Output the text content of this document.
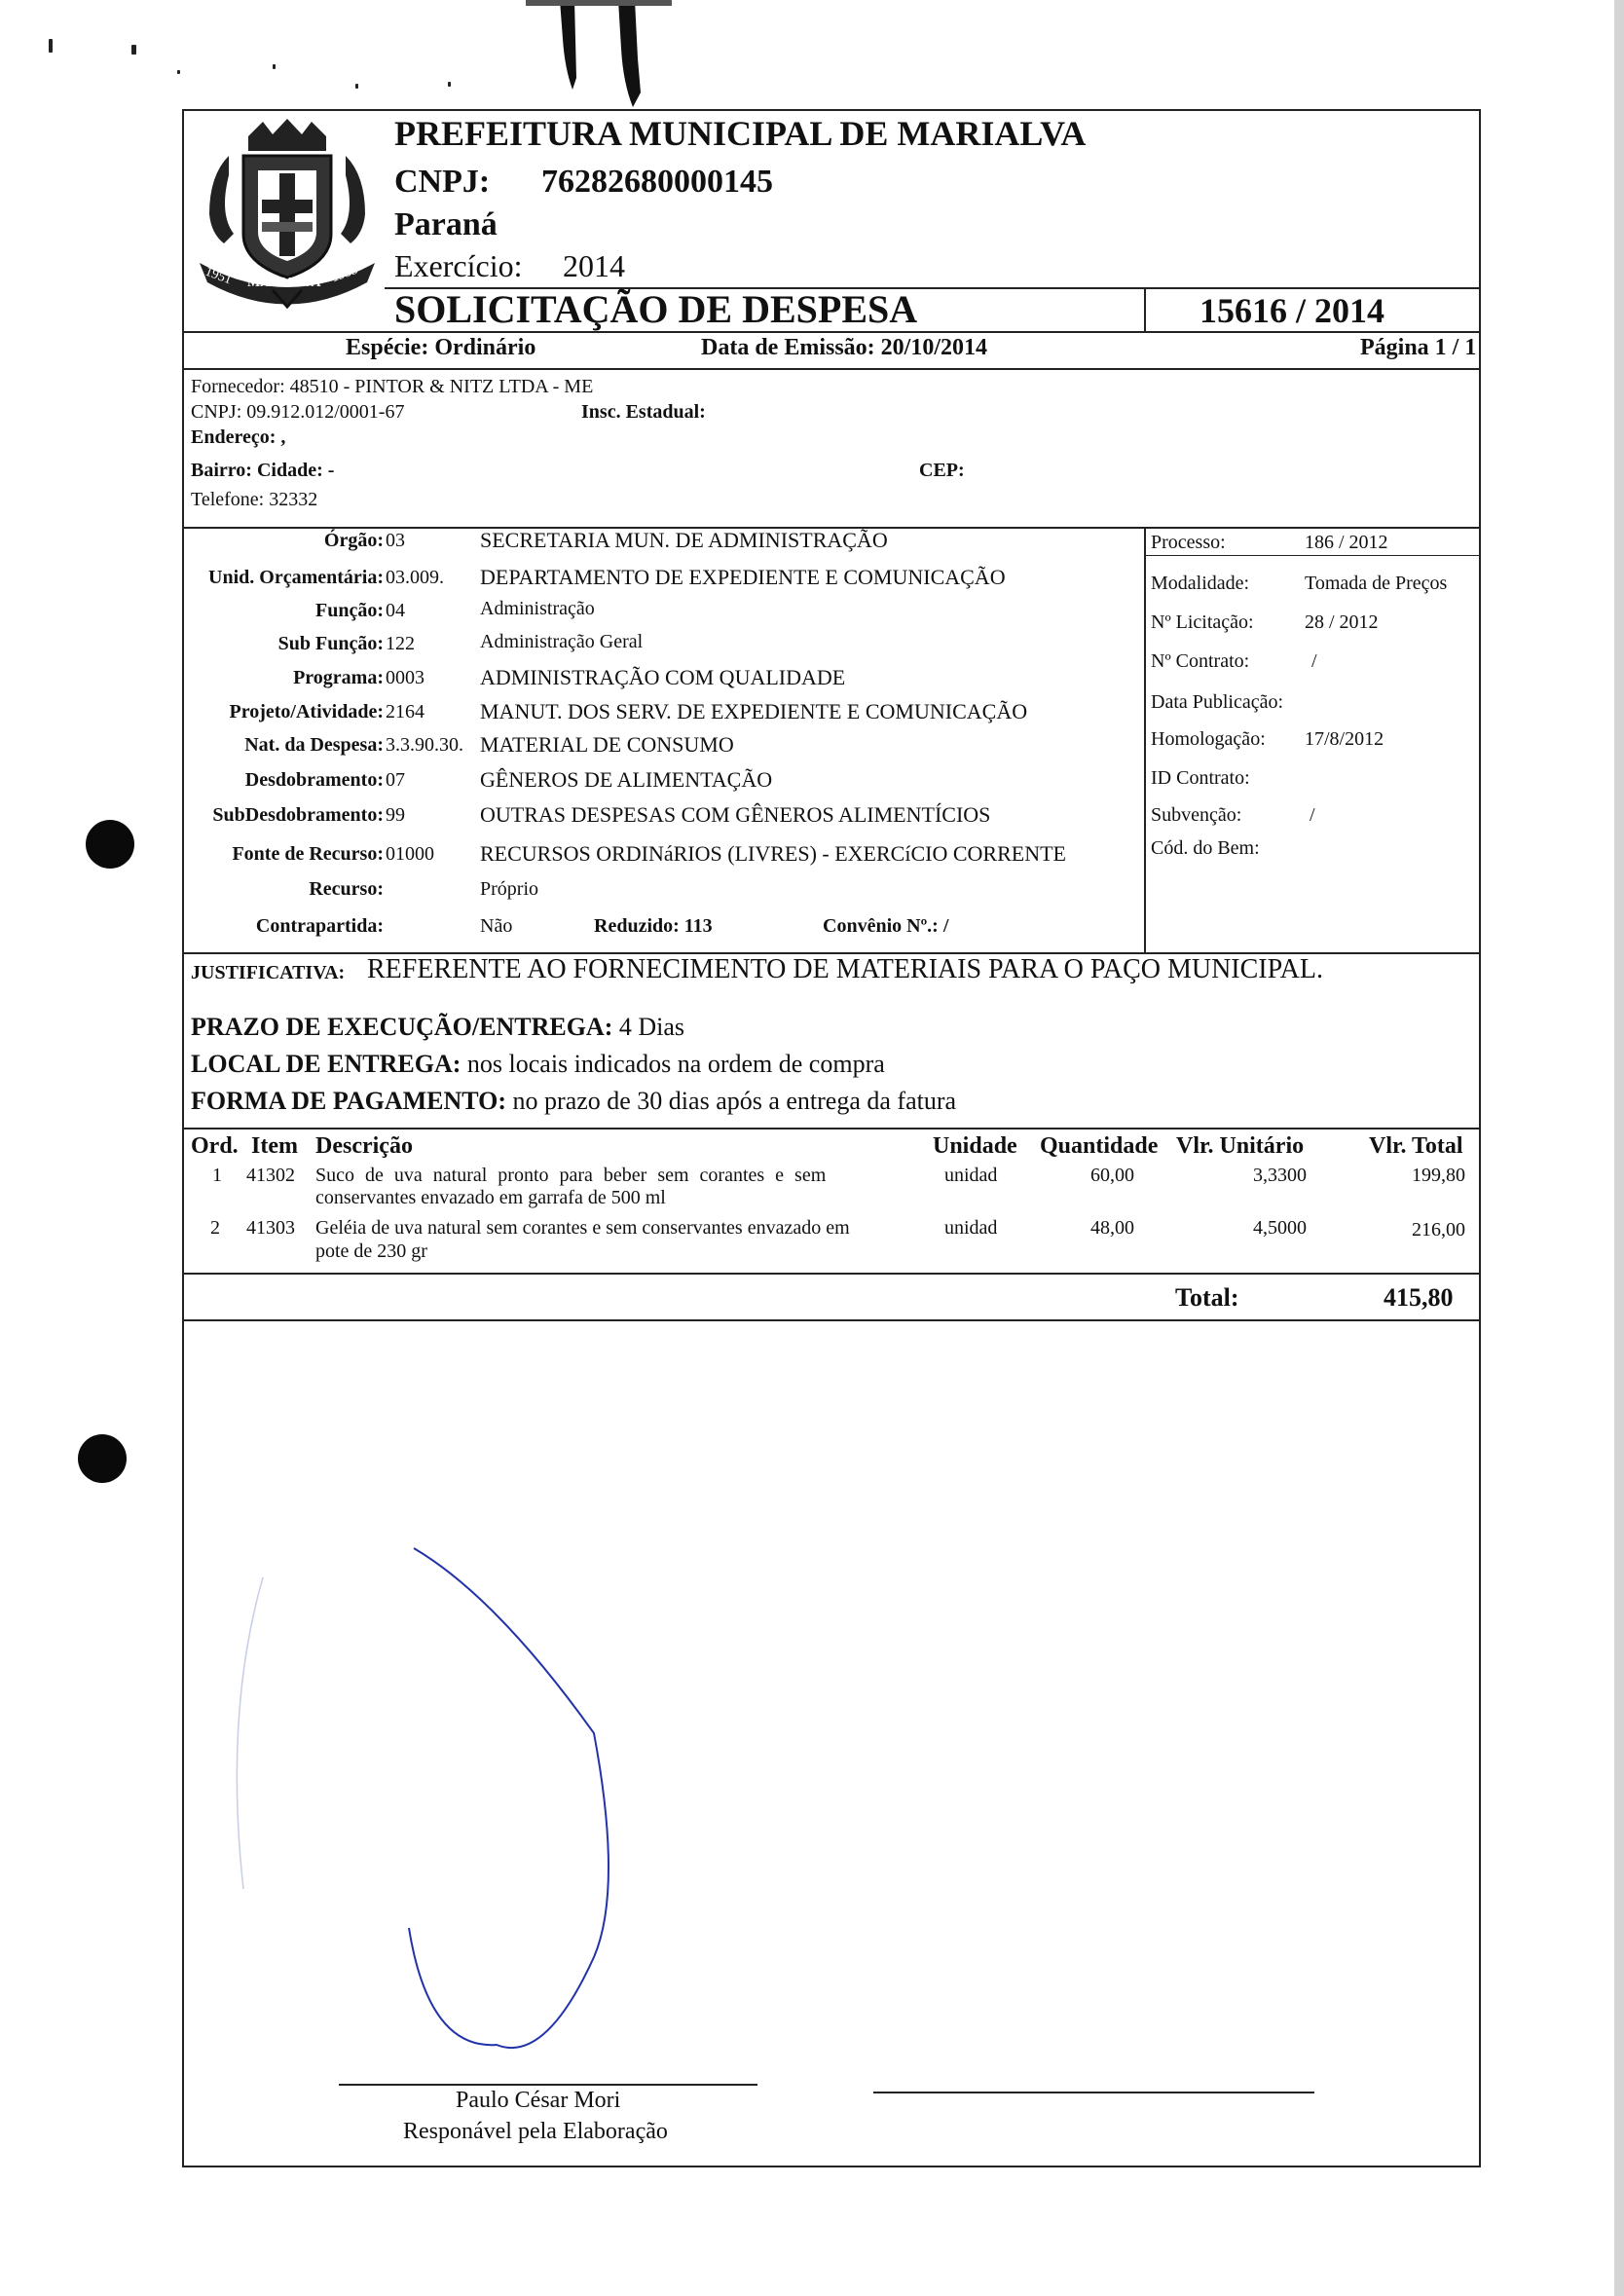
1951 MARIALVA 1953
PREFEITURA MUNICIPAL DE MARIALVA
CNPJ: 76282680000145
Paraná
Exercício: 2014
SOLICITAÇÃO DE DESPESA	15616 / 2014
Espécie: Ordinário	Data de Emissão: 20/10/2014	Página 1 / 1
Fornecedor: 48510 - PINTOR & NITZ LTDA - ME
CNPJ: 09.912.012/0001-67	Insc. Estadual:
Endereço: ,
Bairro: Cidade: -	CEP:
Telefone: 32332
Órgão: 03	SECRETARIA MUN. DE ADMINISTRAÇÃO
Unid. Orçamentária: 03.009. DEPARTAMENTO DE EXPEDIENTE E COMUNICAÇÃO
Função: 04	Administração
Sub Função: 122	Administração Geral
Programa: 0003	ADMINISTRAÇÃO COM QUALIDADE
Projeto/Atividade: 2164	MANUT. DOS SERV. DE EXPEDIENTE E COMUNICAÇÃO
Nat. da Despesa: 3.3.90.30. MATERIAL DE CONSUMO
Desdobramento: 07	GÊNEROS DE ALIMENTAÇÃO
SubDesdobramento: 99	OUTRAS DESPESAS COM GÊNEROS ALIMENTÍCIOS
Fonte de Recurso: 01000 RECURSOS ORDINáRIOS (LIVRES) - EXERCíCIO CORRENTE
Recurso:	Próprio
Contrapartida:	Não	Reduzido: 113	Convênio Nº.: /
Processo:	186 / 2012
Modalidade:	Tomada de Preços
Nº Licitação:	28 / 2012
Nº Contrato:	/
Data Publicação:
Homologação: 17/8/2012
ID Contrato:
Subvenção:	/
Cód. do Bem:
JUSTIFICATIVA: REFERENTE AO FORNECIMENTO DE MATERIAIS PARA O PAÇO MUNICIPAL.
PRAZO DE EXECUÇÃO/ENTREGA: 4 Dias
LOCAL DE ENTREGA: nos locais indicados na ordem de compra
FORMA DE PAGAMENTO: no prazo de 30 dias após a entrega da fatura
Ord. Item Descrição	Unidade Quantidade Vlr. Unitário	Vlr. Total
1 41302 Suco de uva natural pronto para beber sem corantes e sem
conservantes envazado em garrafa de 500 ml
unidad	60,00	3,3300	199,80
2 41303 Geléia de uva natural sem corantes e sem conservantes envazado em
pote de 230 gr
unidad	48,00	4,5000	216,00
Total:	415,80
Paulo César Mori
Responável pela Elaboração
